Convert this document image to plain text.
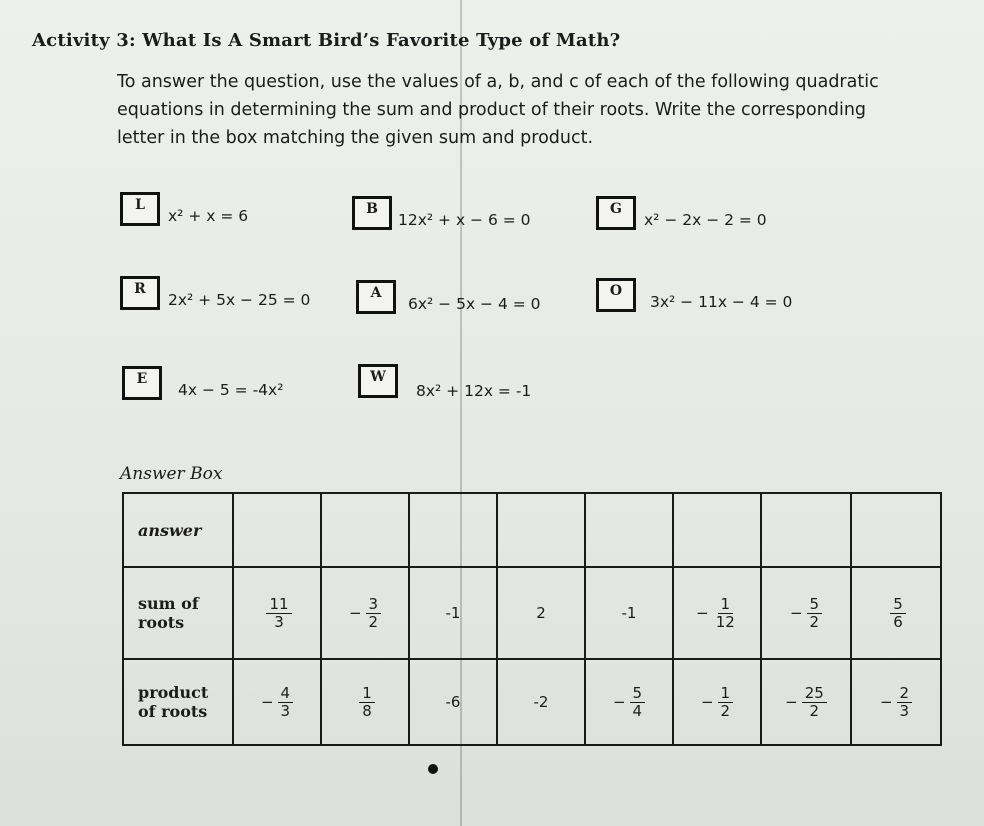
Activity 3: What Is A Smart Bird’s Favorite Type of Math?
To answer the question, use the values of a, b, and c of each of the following quadratic equations in determining the sum and product of their roots. Write the corresponding letter in the box matching the given sum and product.
L
x² + x = 6	B
12x² + x − 6 = 0
G
x² − 2x − 2 = 0
R
2x² + 5x − 25 = 0	A
6x² − 5x − 4 = 0
O
3x² − 11x − 4 = 0
E
4x − 5 = -4x²
W
8x² + 12x = -1
Answer Box
answer								
sum of
roots	$\frac{11}{3}$	− $\frac{3}{2}$	-1	2	-1	− $\frac{1}{12}$	− $\frac{5}{2}$	$\frac{5}{6}$

product
of roots	− $\frac{4}{3}$	$\frac{1}{8}$	-6	-2	− $\frac{5}{4}$	− $\frac{1}{2}$	− $\frac{25}{2}$	− $\frac{2}{3}$
